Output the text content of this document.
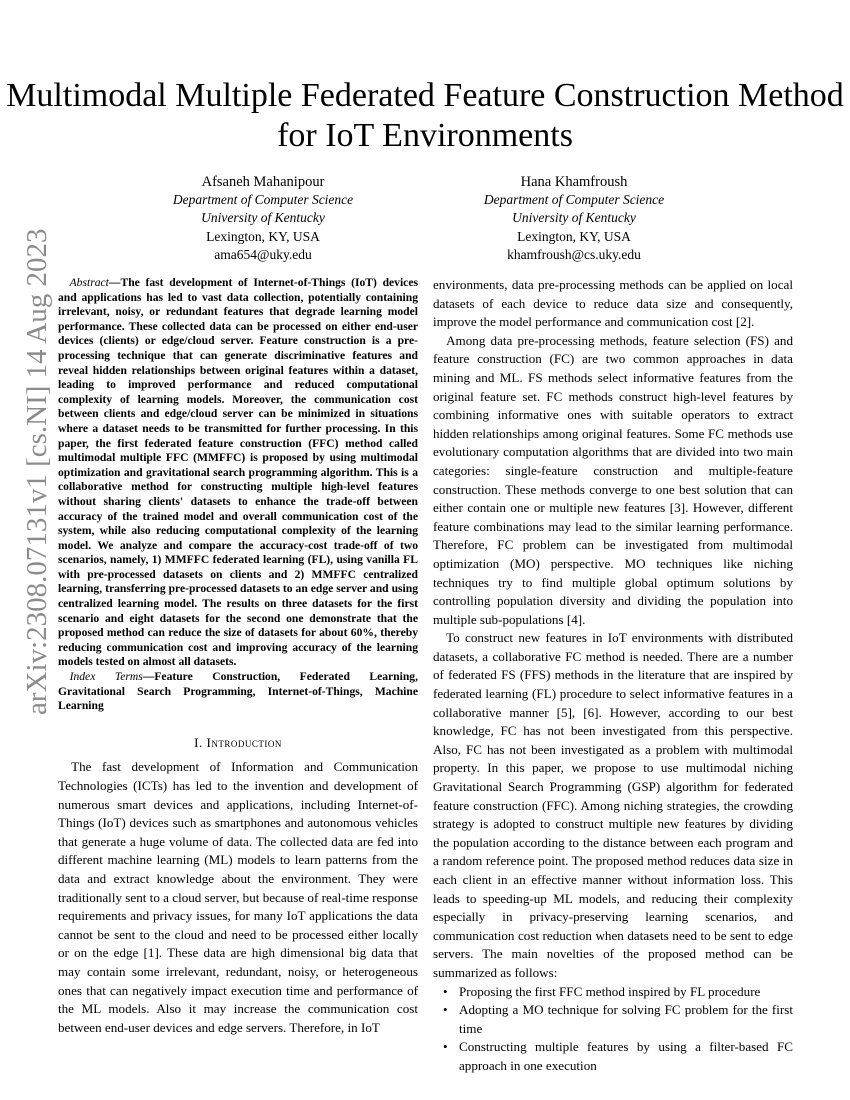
Multimodal Multiple Federated Feature Construction Method for IoT Environments
Afsaneh Mahanipour
Department of Computer Science
University of Kentucky
Lexington, KY, USA
ama654@uky.edu
Hana Khamfroush
Department of Computer Science
University of Kentucky
Lexington, KY, USA
khamfroush@cs.uky.edu
arXiv:2308.07131v1 [cs.NI] 14 Aug 2023	Abstract—The fast development of Internet-of-Things (IoT) devices and applications has led to vast data collection, potentially containing irrelevant, noisy, or redundant features that degrade learning model performance. These collected data can be processed on either end-user devices (clients) or edge/cloud server. Feature construction is a pre-processing technique that can generate discriminative features and reveal hidden relationships between original features within a dataset, leading to improved performance and reduced computational complexity of learning models. Moreover, the communication cost between clients and edge/cloud server can be minimized in situations where a dataset needs to be transmitted for further processing. In this paper, the first federated feature construction (FFC) method called multimodal multiple FFC (MMFFC) is proposed by using multimodal optimization and gravitational search programming algorithm. This is a collaborative method for constructing multiple high-level features without sharing clients' datasets to enhance the trade-off between accuracy of the trained model and overall communication cost of the system, while also reducing computational complexity of the learning model. We analyze and compare the accuracy-cost trade-off of two scenarios, namely, 1) MMFFC federated learning (FL), using vanilla FL with pre-processed datasets on clients and 2) MMFFC centralized learning, transferring pre-processed datasets to an edge server and using centralized learning model. The results on three datasets for the first scenario and eight datasets for the second one demonstrate that the proposed method can reduce the size of datasets for about 60%, thereby reducing communication cost and improving accuracy of the learning models tested on almost all datasets.

Index Terms—Feature Construction, Federated Learning, Gravitational Search Programming, Internet-of-Things, Machine Learning

I. Introduction

The fast development of Information and Communication Technologies (ICTs) has led to the invention and development of numerous smart devices and applications, including Internet-of-Things (IoT) devices such as smartphones and autonomous vehicles that generate a huge volume of data. The collected data are fed into different machine learning (ML) models to learn patterns from the data and extract knowledge about the environment. They were traditionally sent to a cloud server, but because of real-time response requirements and privacy issues, for many IoT applications the data cannot be sent to the cloud and need to be processed either locally or on the edge [1]. These data are high dimensional big data that may contain some irrelevant, redundant, noisy, or heterogeneous ones that can negatively impact execution time and performance of the ML models. Also it may increase the communication cost between end-user devices and edge servers. Therefore, in IoT

environments, data pre-processing methods can be applied on local datasets of each device to reduce data size and consequently, improve the model performance and communication cost [2].

Among data pre-processing methods, feature selection (FS) and feature construction (FC) are two common approaches in data mining and ML. FS methods select informative features from the original feature set. FC methods construct high-level features by combining informative ones with suitable operators to extract hidden relationships among original features. Some FC methods use evolutionary computation algorithms that are divided into two main categories: single-feature construction and multiple-feature construction. These methods converge to one best solution that can either contain one or multiple new features [3]. However, different feature combinations may lead to the similar learning performance. Therefore, FC problem can be investigated from multimodal optimization (MO) perspective. MO techniques like niching techniques try to find multiple global optimum solutions by controlling population diversity and dividing the population into multiple sub-populations [4].

To construct new features in IoT environments with distributed datasets, a collaborative FC method is needed. There are a number of federated FS (FFS) methods in the literature that are inspired by federated learning (FL) procedure to select informative features in a collaborative manner [5], [6]. However, according to our best knowledge, FC has not been investigated from this perspective. Also, FC has not been investigated as a problem with multimodal property. In this paper, we propose to use multimodal niching Gravitational Search Programming (GSP) algorithm for federated feature construction (FFC). Among niching strategies, the crowding strategy is adopted to construct multiple new features by dividing the population according to the distance between each program and a random reference point. The proposed method reduces data size in each client in an effective manner without information loss. This leads to speeding-up ML models, and reducing their complexity especially in privacy-preserving learning scenarios, and communication cost reduction when datasets need to be sent to edge servers. The main novelties of the proposed method can be summarized as follows:

• Proposing the first FFC method inspired by FL procedure
• Adopting a MO technique for solving FC problem for the first time
• Constructing multiple features by using a filter-based FC approach in one execution
